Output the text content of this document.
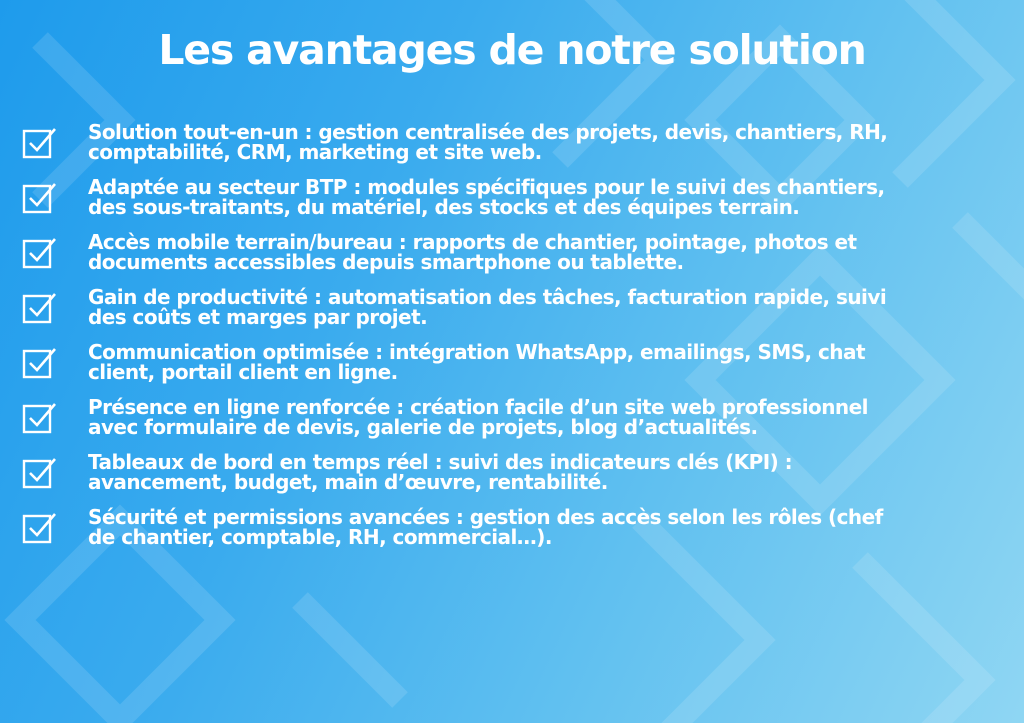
Les avantages de notre solution
Solution tout-en-un : gestion centralisée des projets, devis, chantiers, RH, comptabilité, CRM, marketing et site web.
Adaptée au secteur BTP : modules spécifiques pour le suivi des chantiers, des sous-traitants, du matériel, des stocks et des équipes terrain.
Accès mobile terrain/bureau : rapports de chantier, pointage, photos et documents accessibles depuis smartphone ou tablette.
Gain de productivité : automatisation des tâches, facturation rapide, suivi des coûts et marges par projet.
Communication optimisée : intégration WhatsApp, emailings, SMS, chat client, portail client en ligne.
Présence en ligne renforcée : création facile d’un site web professionnel avec formulaire de devis, galerie de projets, blog d’actualités.
Tableaux de bord en temps réel : suivi des indicateurs clés (KPI) : avancement, budget, main d’œuvre, rentabilité.
Sécurité et permissions avancées : gestion des accès selon les rôles (chef de chantier, comptable, RH, commercial…).
